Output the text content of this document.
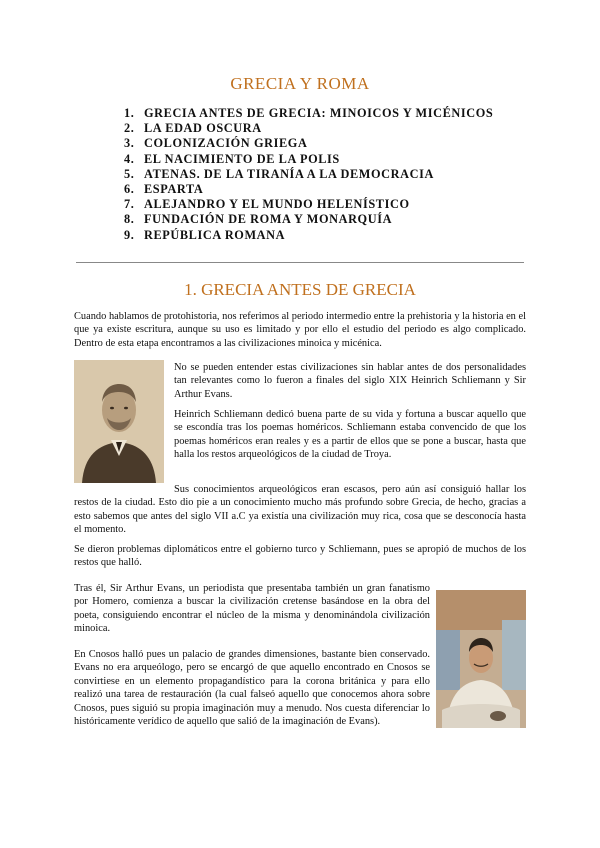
GRECIA Y ROMA
1. GRECIA ANTES DE GRECIA: MINOICOS Y MICÉNICOS
2. LA EDAD OSCURA
3. COLONIZACIÓN GRIEGA
4. EL NACIMIENTO DE LA POLIS
5. ATENAS. DE LA TIRANÍA A LA DEMOCRACIA
6. ESPARTA
7. ALEJANDRO Y EL MUNDO HELENÍSTICO
8. FUNDACIÓN DE ROMA Y MONARQUÍA
9. REPÚBLICA ROMANA
1. GRECIA ANTES DE GRECIA

Cuando hablamos de protohistoria, nos referimos al periodo intermedio entre la prehistoria y la historia en el que ya existe escritura, aunque su uso es limitado y por ello el estudio del periodo es algo complicado. Dentro de esta etapa encontramos a las civilizaciones minoica y micénica.

No se pueden entender estas civilizaciones sin hablar antes de dos personalidades tan relevantes como lo fueron a finales del siglo XIX Heinrich Schliemann y Sir Arthur Evans.

Heinrich Schliemann dedicó buena parte de su vida y fortuna a buscar aquello que se escondía tras los poemas homéricos. Schliemann estaba convencido de que los poemas homéricos eran reales y es a partir de ellos que se pone a buscar, hasta que halla los restos arqueológicos de la ciudad de Troya.

Sus conocimientos arqueológicos eran escasos, pero aún así consiguió hallar los restos de la ciudad. Esto dio pie a un conocimiento mucho más profundo sobre Grecia, de hecho, gracias a esto sabemos que antes del siglo VII a.C ya existía una civilización muy rica, cosa que se desconocía hasta el momento.

Se dieron problemas diplomáticos entre el gobierno turco y Schliemann, pues se apropió de muchos de los restos que halló.

Tras él, Sir Arthur Evans, un periodista que presentaba también un gran fanatismo por Homero, comienza a buscar la civilización cretense basándose en la obra del poeta, consiguiendo encontrar el núcleo de la misma y denominándola civilización minoica.

En Cnosos halló pues un palacio de grandes dimensiones, bastante bien conservado. Evans no era arqueólogo, pero se encargó de que aquello encontrado en Cnosos se convirtiese en un elemento propagandístico para la corona británica y para ello realizó una tarea de restauración (la cual falseó aquello que conocemos ahora sobre Cnosos, pues siguió su propia imaginación muy a menudo. Nos cuesta diferenciar lo históricamente verídico de aquello que salió de la imaginación de Evans).
